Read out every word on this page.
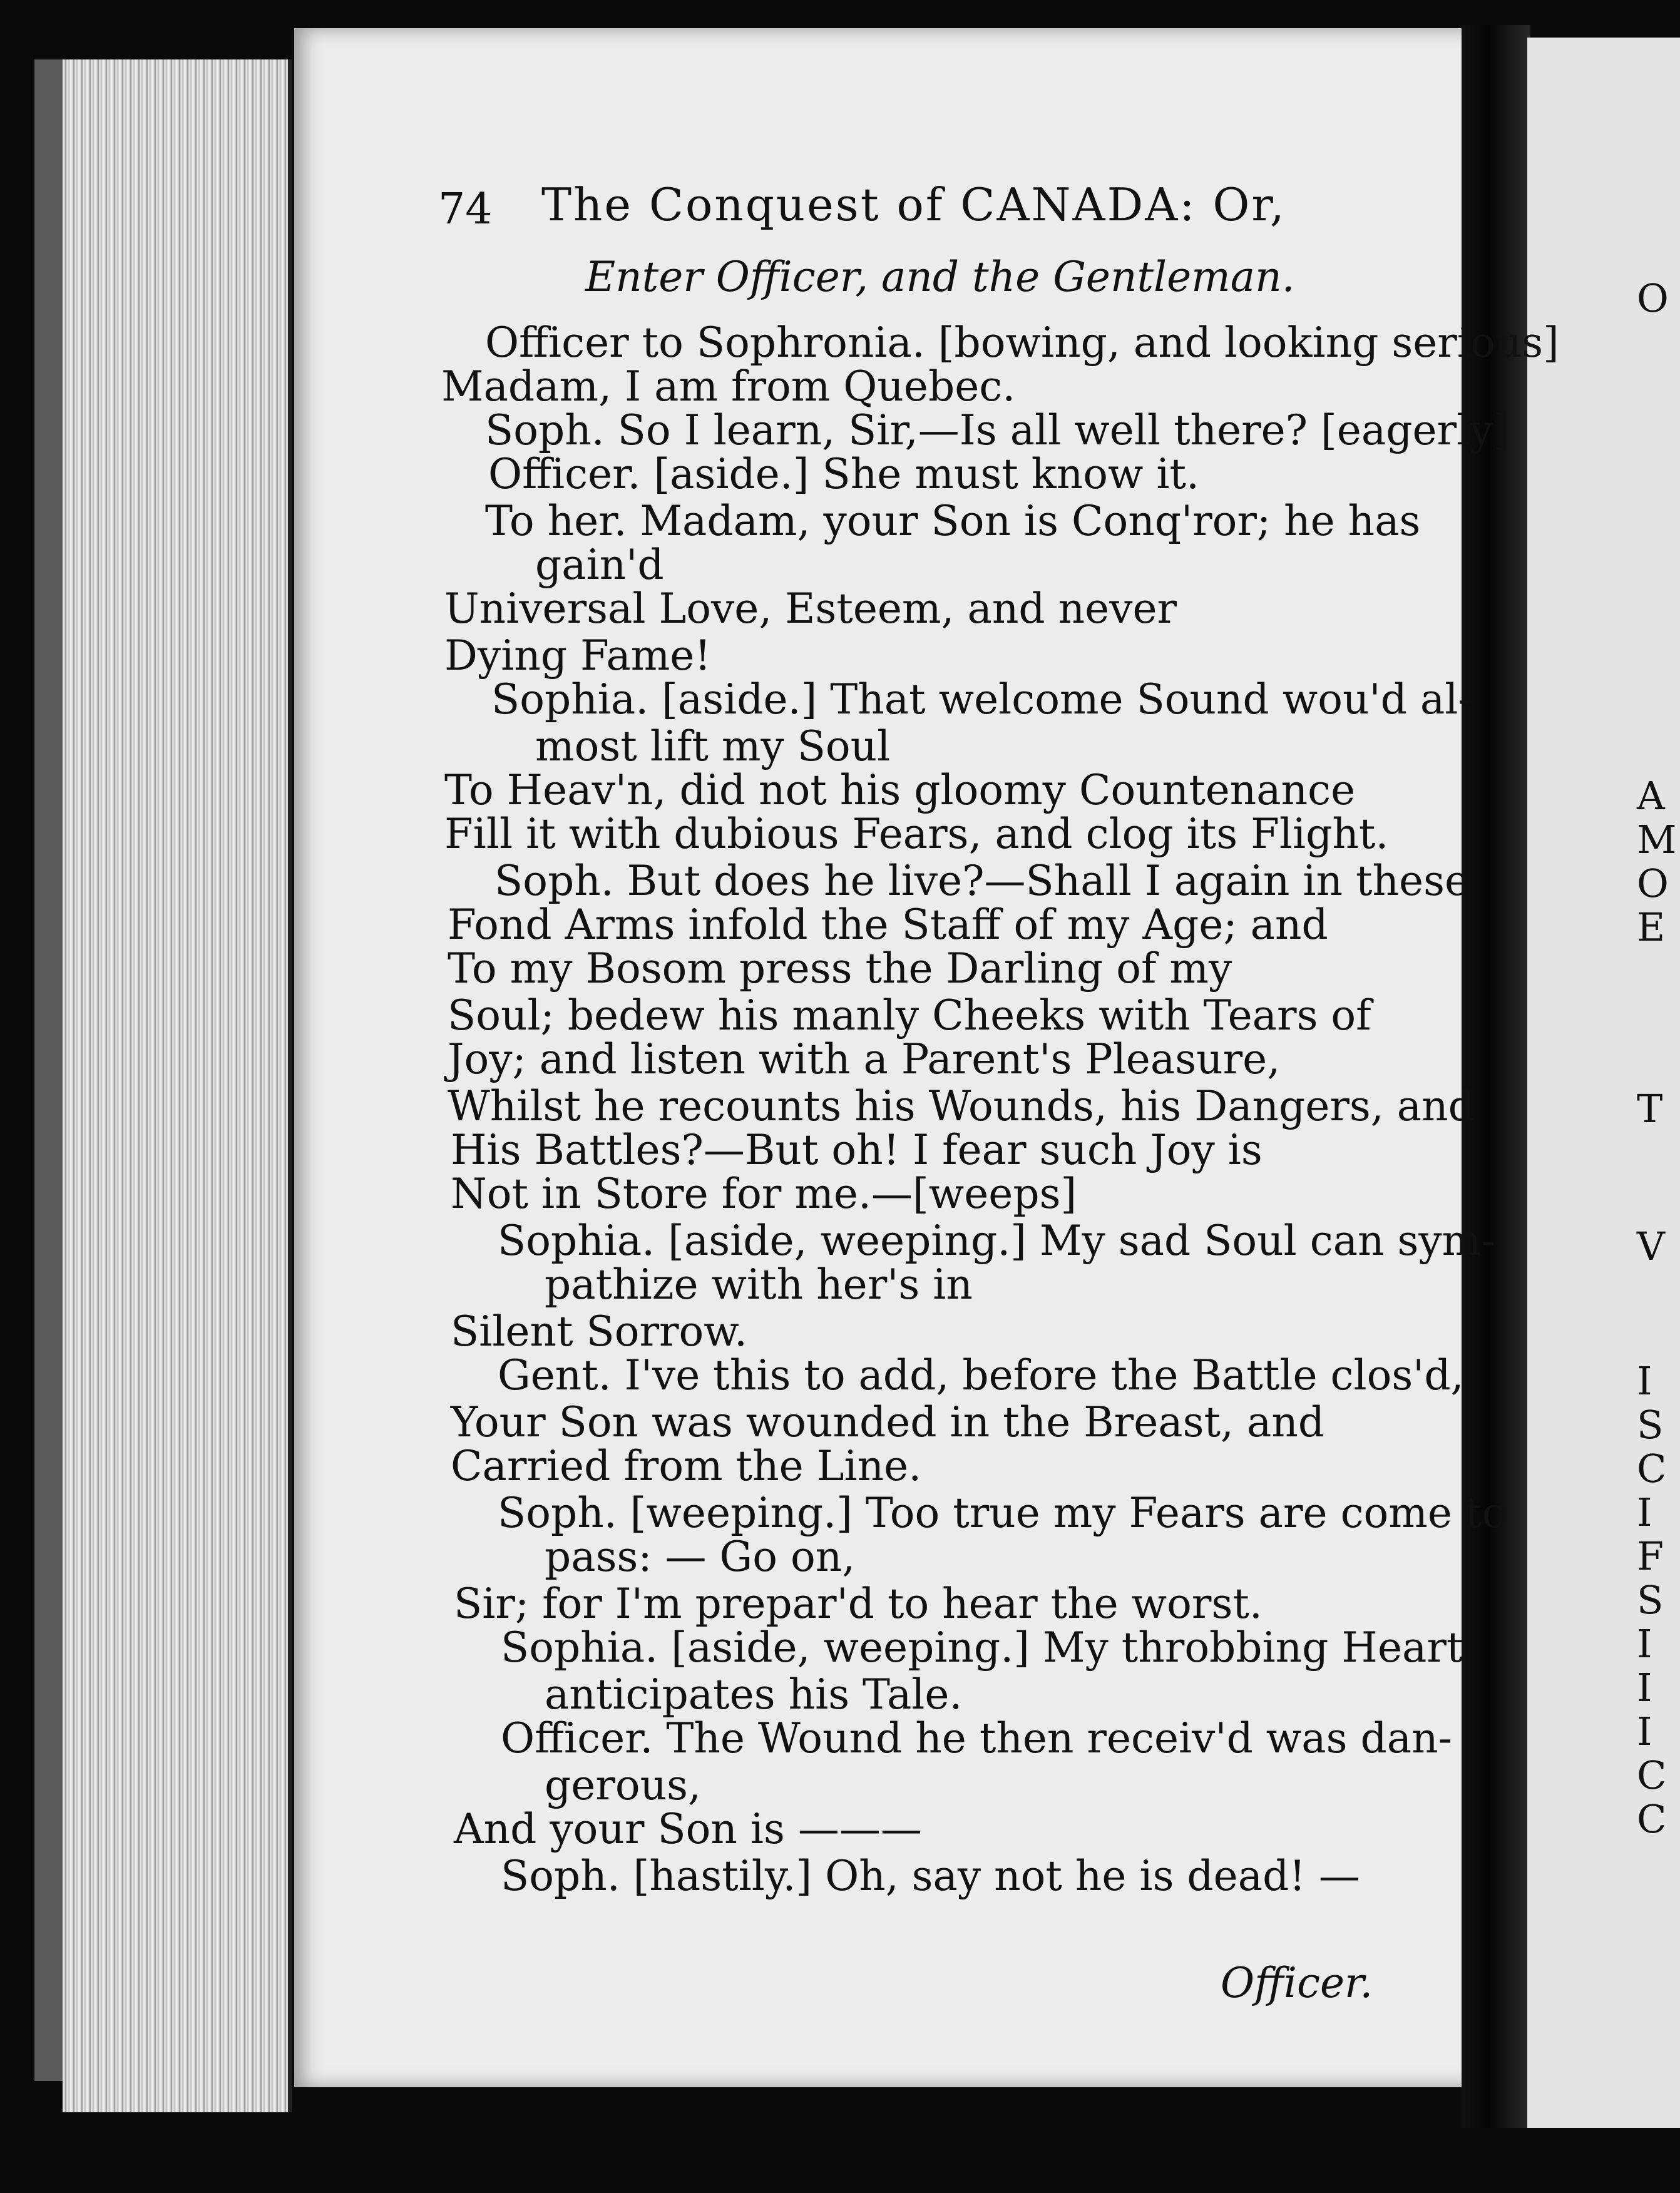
O
A
M
O
E
T
V
I
S
C
I
F
S
I
I
I
C
C
74 The Conquest of CANADA: Or,
Enter Officer, and the Gentleman.
Officer to Sophronia. [bowing, and looking serious]
Madam, I am from Quebec.
Soph. So I learn, Sir,—Is all well there? [eagerly]
Officer. [aside.] She must know it.
To her. Madam, your Son is Conq'ror; he has
gain'd
Universal Love, Esteem, and never
Dying Fame!
Sophia. [aside.] That welcome Sound wou'd al-
most lift my Soul
To Heav'n, did not his gloomy Countenance
Fill it with dubious Fears, and clog its Flight.
Soph. But does he live?—Shall I again in these
Fond Arms infold the Staff of my Age; and
To my Bosom press the Darling of my
Soul; bedew his manly Cheeks with Tears of
Joy; and listen with a Parent's Pleasure,
Whilst he recounts his Wounds, his Dangers, and
His Battles?—But oh! I fear such Joy is
Not in Store for me.—[weeps]
Sophia. [aside, weeping.] My sad Soul can sym-
pathize with her's in
Silent Sorrow.
Gent. I've this to add, before the Battle clos'd,
Your Son was wounded in the Breast, and
Carried from the Line.
Soph. [weeping.] Too true my Fears are come to
pass: — Go on,
Sir; for I'm prepar'd to hear the worst.
Sophia. [aside, weeping.] My throbbing Heart
anticipates his Tale.
Officer. The Wound he then receiv'd was dan-
gerous,
And your Son is ———
Soph. [hastily.] Oh, say not he is dead! —
Officer.
